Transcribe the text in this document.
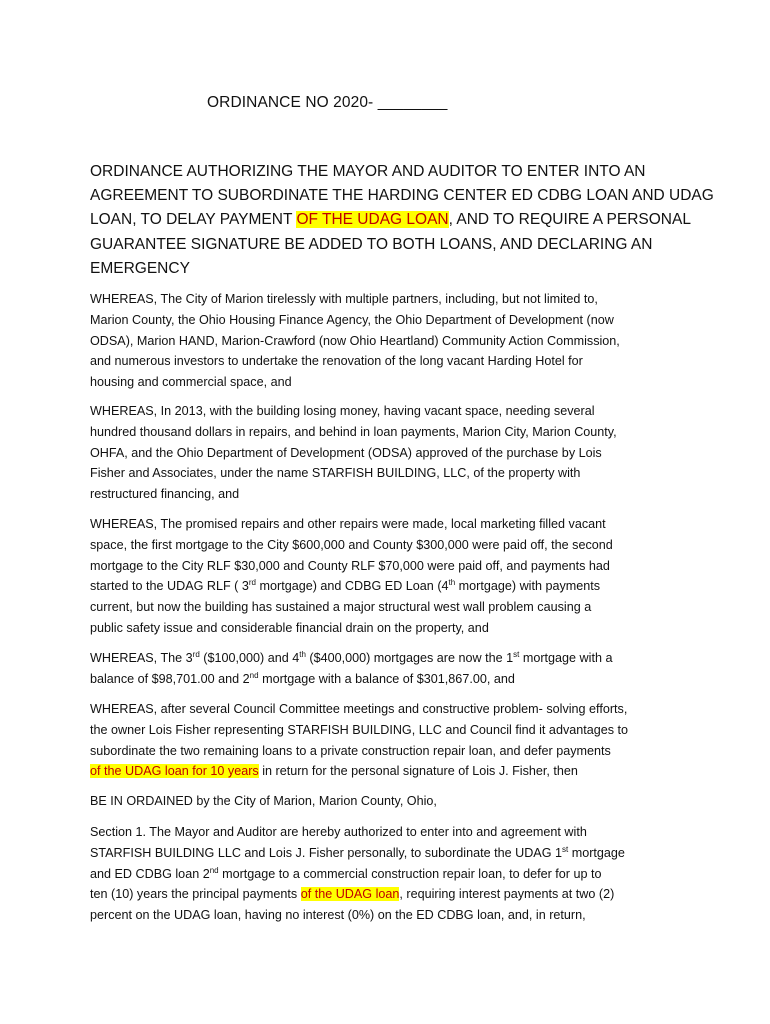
ORDINANCE NO 2020- ________
ORDINANCE AUTHORIZING THE MAYOR AND AUDITOR TO ENTER INTO AN
AGREEMENT TO SUBORDINATE THE HARDING CENTER ED CDBG LOAN AND UDAG
LOAN, TO DELAY PAYMENT OF THE UDAG LOAN, AND TO REQUIRE A PERSONAL
GUARANTEE SIGNATURE BE ADDED TO BOTH LOANS, AND DECLARING AN
EMERGENCY
WHEREAS, The City of Marion tirelessly with multiple partners, including, but not limited to,
Marion County, the Ohio Housing Finance Agency, the Ohio Department of Development (now
ODSA), Marion HAND, Marion-Crawford (now Ohio Heartland) Community Action Commission,
and numerous investors to undertake the renovation of the long vacant Harding Hotel for
housing and commercial space, and
WHEREAS, In 2013, with the building losing money, having vacant space, needing several
hundred thousand dollars in repairs, and behind in loan payments, Marion City, Marion County,
OHFA, and the Ohio Department of Development (ODSA) approved of the purchase by Lois
Fisher and Associates, under the name STARFISH BUILDING, LLC, of the property with
restructured financing, and
WHEREAS, The promised repairs and other repairs were made, local marketing filled vacant
space, the first mortgage to the City $600,000 and County $300,000 were paid off, the second
mortgage to the City RLF $30,000 and County RLF $70,000 were paid off, and payments had
started to the UDAG RLF ( 3rd mortgage) and CDBG ED Loan (4th mortgage) with payments
current, but now the building has sustained a major structural west wall problem causing a
public safety issue and considerable financial drain on the property, and
WHEREAS, The 3rd ($100,000) and 4th ($400,000) mortgages are now the 1st mortgage with a
balance of $98,701.00 and 2nd mortgage with a balance of $301,867.00, and
WHEREAS, after several Council Committee meetings and constructive problem- solving efforts,
the owner Lois Fisher representing STARFISH BUILDING, LLC and Council find it advantages to
subordinate the two remaining loans to a private construction repair loan, and defer payments
of the UDAG loan for 10 years in return for the personal signature of Lois J. Fisher, then
BE IN ORDAINED by the City of Marion, Marion County, Ohio,
Section 1. The Mayor and Auditor are hereby authorized to enter into and agreement with
STARFISH BUILDING LLC and Lois J. Fisher personally, to subordinate the UDAG 1st mortgage
and ED CDBG loan 2nd mortgage to a commercial construction repair loan, to defer for up to
ten (10) years the principal payments of the UDAG loan, requiring interest payments at two (2)
percent on the UDAG loan, having no interest (0%) on the ED CDBG loan, and, in return,
